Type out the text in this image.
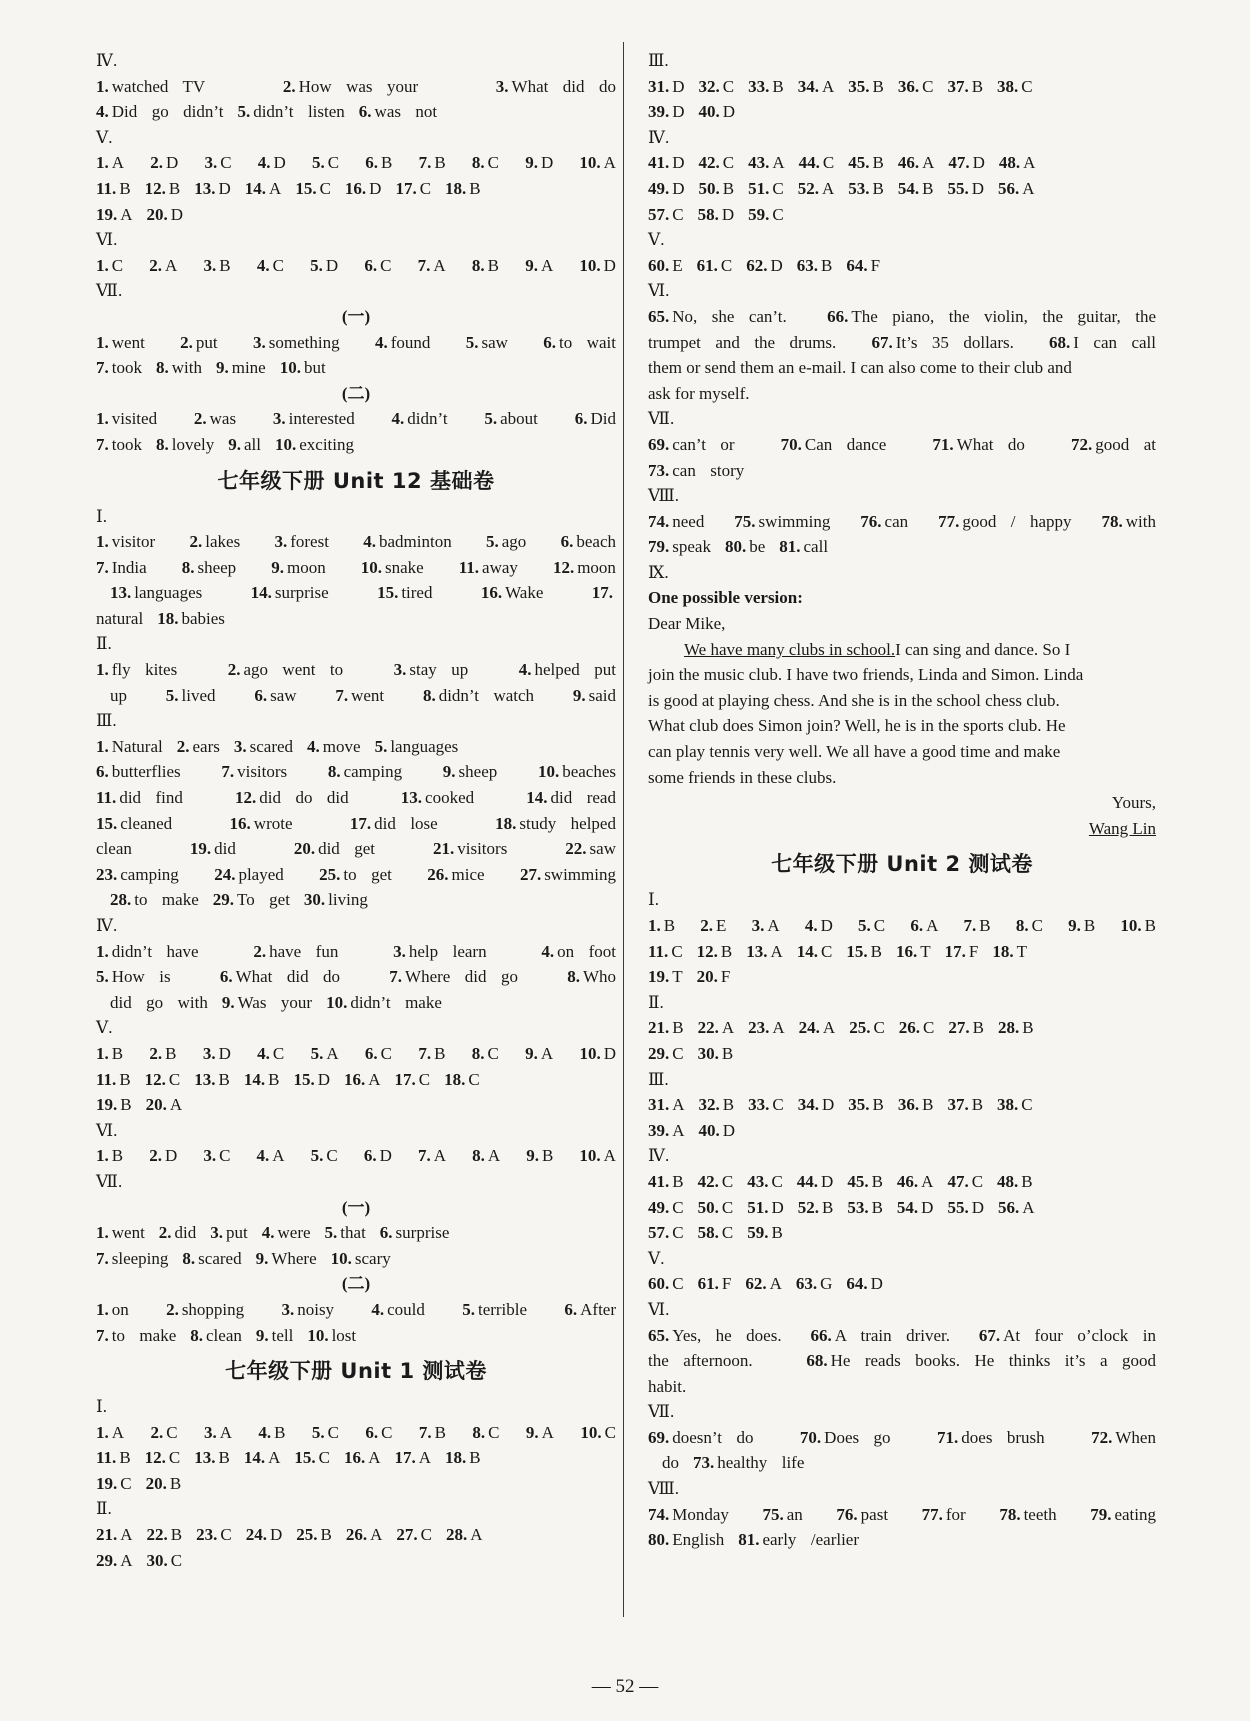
Ⅳ.
1. watched TV	2. How was your	3. What did do
4. Did go didn’t 5. didn’t listen 6. was not
Ⅴ.
1. A 2. D 3. C 4. D 5. C 6. B 7. B 8. C 9. D 10. A
11. B 12. B 13. D 14. A 15. C 16. D 17. C 18. B
19. A 20. D
Ⅵ.
1. C 2. A 3. B 4. C 5. D 6. C 7. A 8. B 9. A 10. D
Ⅶ.
(一)
1. went 2. put 3. something 4. found 5. saw 6. to wait
7. took 8. with 9. mine 10. but
(二)
1. visited 2. was 3. interested 4. didn’t 5. about 6. Did
7. took 8. lovely 9. all 10. exciting
七年级下册 Unit 12 基础卷
Ⅰ.
1. visitor 2. lakes 3. forest 4. badminton 5. ago 6. beach
7. India 8. sheep 9. moon 10. snake 11. away 12. moon
13. languages	14. surprise	15. tired	16. Wake	17.
natural 18. babies
Ⅱ.
1. fly kites	2. ago went to	3. stay up	4. helped put
up 5. lived 6. saw 7. went 8. didn’t watch 9. said
Ⅲ.
1. Natural 2. ears 3. scared 4. move 5. languages
6. butterflies 7. visitors 8. camping 9. sheep 10. beaches
11. did find	12. did do did	13. cooked	14. did read
15. cleaned	16. wrote	17. did lose	18. study helped
clean	19. did	20. did get	21. visitors	22. saw
23. camping 24. played 25. to get 26. mice 27. swimming
28. to make 29. To get 30. living
Ⅳ.
1. didn’t have	2. have fun	3. help learn	4. on foot
5. How is	6. What did do	7. Where did go	8. Who
did go with 9. Was your 10. didn’t make
Ⅴ.
1. B 2. B 3. D 4. C 5. A 6. C 7. B 8. C 9. A 10. D
11. B 12. C 13. B 14. B 15. D 16. A 17. C 18. C
19. B 20. A
Ⅵ.
1. B 2. D 3. C 4. A 5. C 6. D 7. A 8. A 9. B 10. A
Ⅶ.
(一)
1. went 2. did 3. put 4. were 5. that 6. surprise
7. sleeping 8. scared 9. Where 10. scary
(二)
1. on 2. shopping 3. noisy 4. could 5. terrible 6. After
7. to make 8. clean 9. tell 10. lost
七年级下册 Unit 1 测试卷
Ⅰ.
1. A 2. C 3. A 4. B 5. C 6. C 7. B 8. C 9. A 10. C
11. B 12. C 13. B 14. A 15. C 16. A 17. A 18. B
19. C 20. B
Ⅱ.
21. A 22. B 23. C 24. D 25. B 26. A 27. C 28. A
29. A 30. C
Ⅲ.
31. D 32. C 33. B 34. A 35. B 36. C 37. B 38. C
39. D 40. D
Ⅳ.
41. D 42. C 43. A 44. C 45. B 46. A 47. D 48. A
49. D 50. B 51. C 52. A 53. B 54. B 55. D 56. A
57. C 58. D 59. C
Ⅴ.
60. E 61. C 62. D 63. B 64. F
Ⅵ.
65. No, she can’t. 66. The piano, the violin, the guitar, the
trumpet and the drums. 67. It’s 35 dollars. 68. I can call
them or send them an e-mail. I can also come to their club and
ask for myself.
Ⅶ.
69. can’t or	70. Can dance	71. What do	72. good at
73. can story
Ⅷ.
74. need 75. swimming 76. can 77. good / happy 78. with
79. speak 80. be 81. call
Ⅸ.
One possible version:
Dear Mike,
We have many clubs in school. I can sing and dance. So I
join the music club. I have two friends, Linda and Simon. Linda
is good at playing chess. And she is in the school chess club.
What club does Simon join? Well, he is in the sports club. He
can play tennis very well. We all have a good time and make
some friends in these clubs.
Yours,
Wang Lin
七年级下册 Unit 2 测试卷
Ⅰ.
1. B 2. E 3. A 4. D 5. C 6. A 7. B 8. C 9. B 10. B
11. C 12. B 13. A 14. C 15. B 16. T 17. F 18. T
19. T 20. F
Ⅱ.
21. B 22. A 23. A 24. A 25. C 26. C 27. B 28. B
29. C 30. B
Ⅲ.
31. A 32. B 33. C 34. D 35. B 36. B 37. B 38. C
39. A 40. D
Ⅳ.
41. B 42. C 43. C 44. D 45. B 46. A 47. C 48. B
49. C 50. C 51. D 52. B 53. B 54. D 55. D 56. A
57. C 58. C 59. B
Ⅴ.
60. C 61. F 62. A 63. G 64. D
Ⅵ.
65. Yes, he does. 66. A train driver. 67. At four o’clock in
the afternoon.	68. He reads books. He thinks it’s a good
habit.
Ⅶ.
69. doesn’t do	70. Does go	71. does brush	72. When
do 73. healthy life
Ⅷ.
74. Monday 75. an 76. past 77. for 78. teeth 79. eating
80. English 81. early /earlier
— 52 —
